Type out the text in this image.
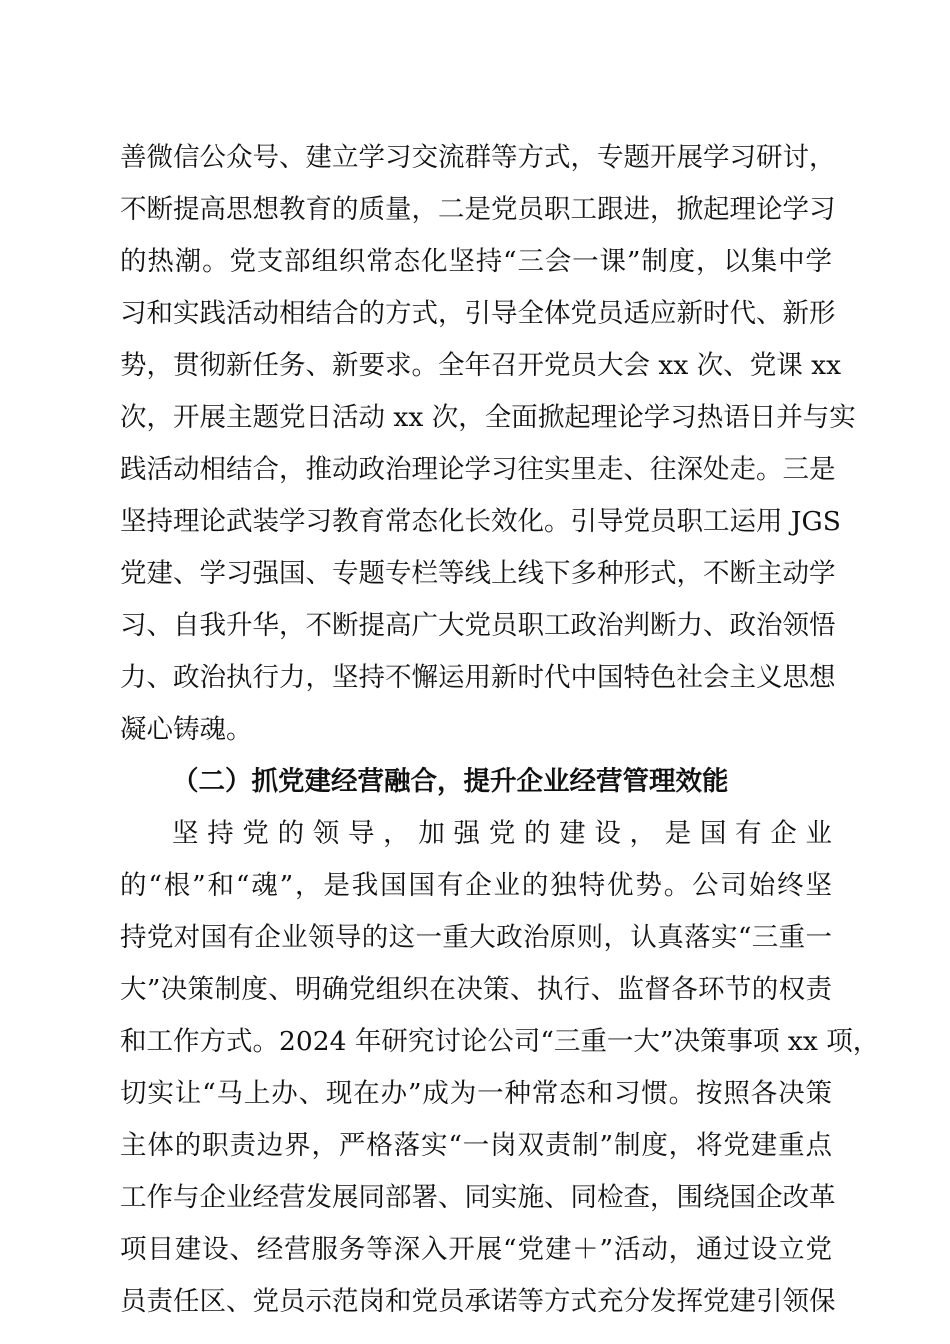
善微信公众号、建立学习交流群等方式，专题开展学习研讨，
不断提高思想教育的质量，二是党员职工跟进，掀起理论学习
的热潮。党支部组织常态化坚持“三会一课”制度，以集中学
习和实践活动相结合的方式，引导全体党员适应新时代、新形
势，贯彻新任务、新要求。全年召开党员大会 xx 次、党课 xx
次，开展主题党日活动 xx 次，全面掀起理论学习热语日并与实
践活动相结合，推动政治理论学习往实里走、往深处走。三是
坚持理论武装学习教育常态化长效化。引导党员职工运用 JGS
党建、学习强国、专题专栏等线上线下多种形式，不断主动学
习、自我升华，不断提高广大党员职工政治判断力、政治领悟
力、政治执行力，坚持不懈运用新时代中国特色社会主义思想
凝心铸魂。
（二）抓党建经营融合，提升企业经营管理效能
坚持党的领导，加强党的建设，是国有企业
的“根”和“魂”，是我国国有企业的独特优势。公司始终坚
持党对国有企业领导的这一重大政治原则，认真落实“三重一
大”决策制度、明确党组织在决策、执行、监督各环节的权责
和工作方式。2024 年研究讨论公司“三重一大”决策事项 xx 项，
切实让“马上办、现在办”成为一种常态和习惯。按照各决策
主体的职责边界，严格落实“一岗双责制”制度，将党建重点
工作与企业经营发展同部署、同实施、同检查，围绕国企改革
项目建设、经营服务等深入开展“党建＋”活动，通过设立党
员责任区、党员示范岗和党员承诺等方式充分发挥党建引领保
